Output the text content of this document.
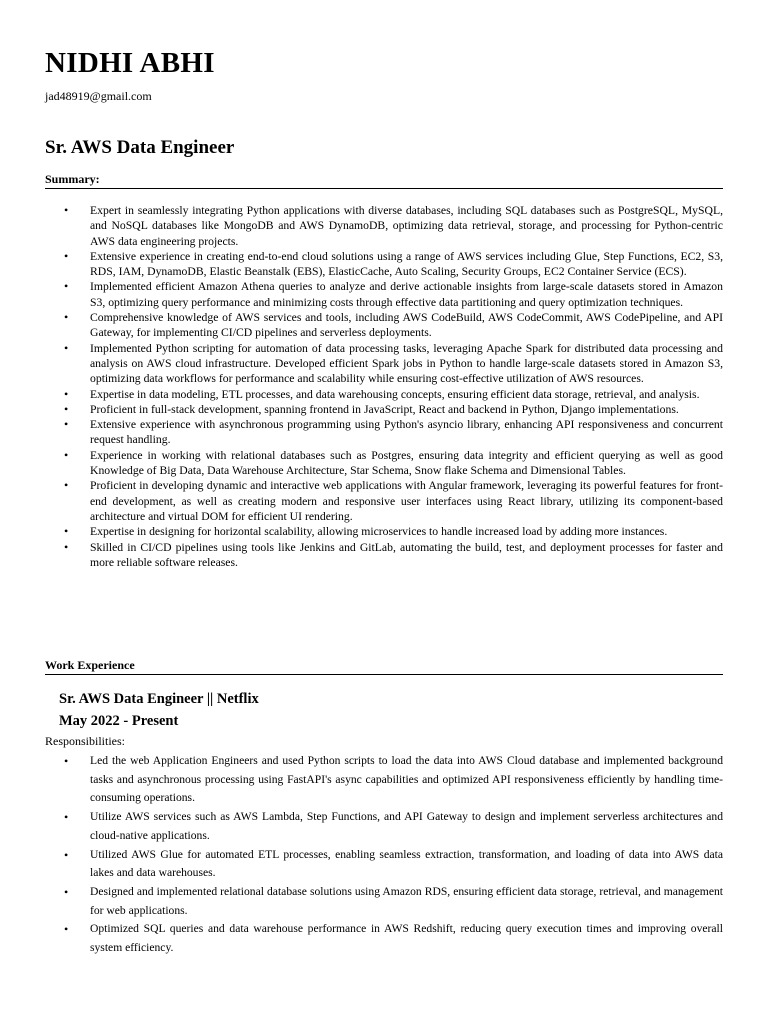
NIDHI ABHI
jad48919@gmail.com
Sr. AWS Data Engineer
Summary:
• Expert in seamlessly integrating Python applications with diverse databases, including SQL databases such as PostgreSQL, MySQL, and NoSQL databases like MongoDB and AWS DynamoDB, optimizing data retrieval, storage, and processing for Python-centric AWS data engineering projects.
• Extensive experience in creating end-to-end cloud solutions using a range of AWS services including Glue, Step Functions, EC2, S3, RDS, IAM, DynamoDB, Elastic Beanstalk (EBS), ElasticCache, Auto Scaling, Security Groups, EC2 Container Service (ECS).
• Implemented efficient Amazon Athena queries to analyze and derive actionable insights from large-scale datasets stored in Amazon S3, optimizing query performance and minimizing costs through effective data partitioning and query optimization techniques.
• Comprehensive knowledge of AWS services and tools, including AWS CodeBuild, AWS CodeCommit, AWS CodePipeline, and API Gateway, for implementing CI/CD pipelines and serverless deployments.
• Implemented Python scripting for automation of data processing tasks, leveraging Apache Spark for distributed data processing and analysis on AWS cloud infrastructure. Developed efficient Spark jobs in Python to handle large-scale datasets stored in Amazon S3, optimizing data workflows for performance and scalability while ensuring cost-effective utilization of AWS resources.
• Expertise in data modeling, ETL processes, and data warehousing concepts, ensuring efficient data storage, retrieval, and analysis.
• Proficient in full-stack development, spanning frontend in JavaScript, React and backend in Python, Django implementations.
• Extensive experience with asynchronous programming using Python's asyncio library, enhancing API responsiveness and concurrent request handling.
• Experience in working with relational databases such as Postgres, ensuring data integrity and efficient querying as well as good Knowledge of Big Data, Data Warehouse Architecture, Star Schema, Snow flake Schema and Dimensional Tables.
• Proficient in developing dynamic and interactive web applications with Angular framework, leveraging its powerful features for front-end development, as well as creating modern and responsive user interfaces using React library, utilizing its component-based architecture and virtual DOM for efficient UI rendering.
• Expertise in designing for horizontal scalability, allowing microservices to handle increased load by adding more instances.
• Skilled in CI/CD pipelines using tools like Jenkins and GitLab, automating the build, test, and deployment processes for faster and more reliable software releases.
Work Experience
Sr. AWS Data Engineer || Netflix
May 2022 - Present
Responsibilities:
• Led the web Application Engineers and used Python scripts to load the data into AWS Cloud database and implemented background tasks and asynchronous processing using FastAPI's async capabilities and optimized API responsiveness efficiently by handling time-consuming operations.
• Utilize AWS services such as AWS Lambda, Step Functions, and API Gateway to design and implement serverless architectures and cloud-native applications.
• Utilized AWS Glue for automated ETL processes, enabling seamless extraction, transformation, and loading of data into AWS data lakes and data warehouses.
• Designed and implemented relational database solutions using Amazon RDS, ensuring efficient data storage, retrieval, and management for web applications.
• Optimized SQL queries and data warehouse performance in AWS Redshift, reducing query execution times and improving overall system efficiency.
